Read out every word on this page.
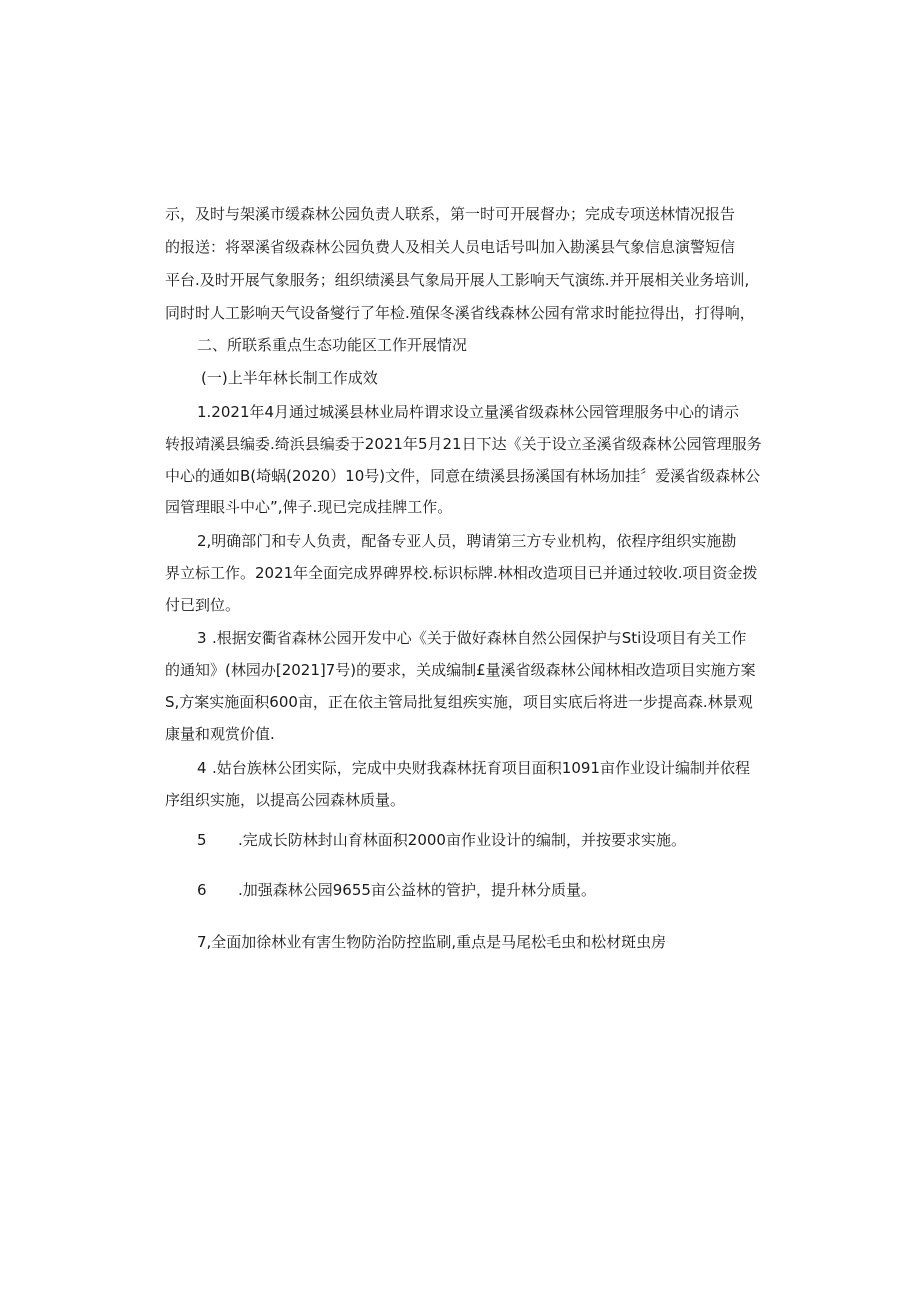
示，及时与架溪市缓森林公园负责人联系，第一时可开展督办；完成专项送林情况报告
的报送：将翠溪省级森林公园负费人及相关人员电话号叫加入勘溪县气象信息演警短信
平台.及时开展气象服务；组织绩溪县气象局开展人工影响天气演练.并开展相关业务培训,
同时时人工影响天气设备燮行了年检.殖保冬溪省线森林公园有常求时能拉得出，打得响，
二、所联系重点生态功能区工作开展情况
(一)上半年林长制工作成效
1.2021年4月通过城溪县林业局杵谓求设立量溪省级森林公园管理服务中心的请示
转报靖溪县编委.绮浜县编委于2021年5月21日下达《关于设立圣溪省级森林公园管理服务
中心的通如B(埼蜗(2020）10号)文件，同意在绩溪县扬溪国有林场加挂〞爱溪省级森林公
园管理眼斗中心”,俾子.现已完成挂牌工作。
2,明确部门和专人负责，配备专亚人员，聘请第三方专业机构，依程序组织实施勘
界立标工作。2021年全面完成界碑界校.标识标牌.林相改造项目已并通过较收.项目资金拨
付已到位。
3 .根据安衢省森林公园开发中心《关于做好森林自然公园保护与Sti设项目有关工作
的通知》(林园办[2021]7号)的要求，关成编制£量溪省级森林公闻林相改造项目实施方案
S,方案实施面积600亩，正在依主管局批复组疾实施，项目实底后将进一步提高森.林景观
康量和观赏价值.
4 .姑台族林公团实际，完成中央财我森林抚育项目面积1091亩作业设计编制并依程
序组织实施，以提高公园森林质量。
5 .完成长防林封山育林面积2000亩作业设计的编制，并按要求实施。
6 .加强森林公园9655亩公益林的管护，提升林分质量。
7,全面加徐林业有害生物防治防控监刷,重点是马尾松毛虫和松材斑虫房
